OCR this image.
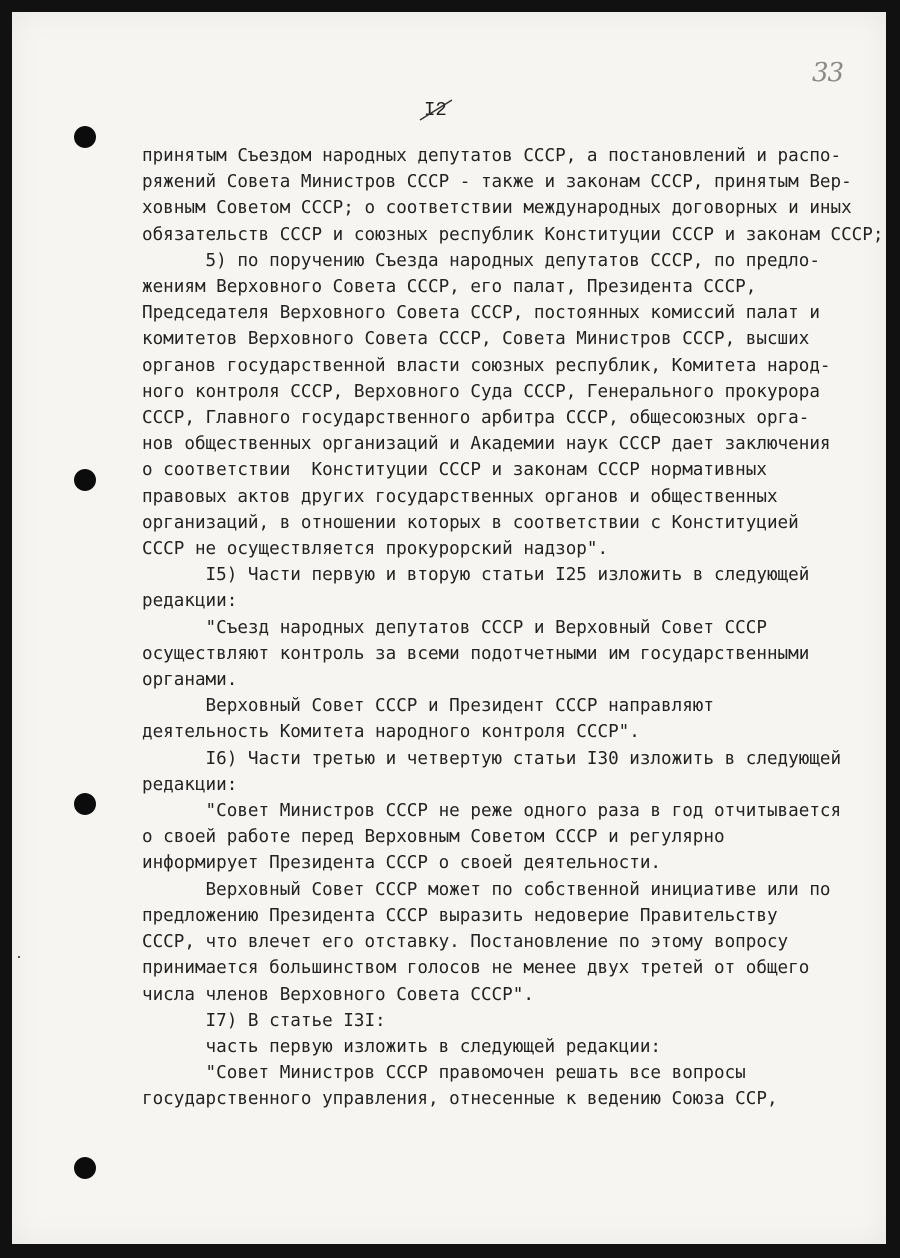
33
I2
принятым Съездом народных депутатов СССР, а постановлений и распо-
ряжений Совета Министров СССР - также и законам СССР, принятым Вер-
ховным Советом СССР; о соответствии международных договорных и иных
обязательств СССР и союзных республик Конституции СССР и законам СССР;
5) по поручению Съезда народных депутатов СССР, по предло-
жениям Верховного Совета СССР, его палат, Президента СССР,
Председателя Верховного Совета СССР, постоянных комиссий палат и
комитетов Верховного Совета СССР, Совета Министров СССР, высших
органов государственной власти союзных республик, Комитета народ-
ного контроля СССР, Верховного Суда СССР, Генерального прокурора
СССР, Главного государственного арбитра СССР, общесоюзных орга-
нов общественных организаций и Академии наук СССР дает заключения
о соответствии  Конституции СССР и законам СССР нормативных
правовых актов других государственных органов и общественных
организаций, в отношении которых в соответствии с Конституцией
СССР не осуществляется прокурорский надзор".
I5) Части первую и вторую статьи I25 изложить в следующей
редакции:
"Съезд народных депутатов СССР и Верховный Совет СССР
осуществляют контроль за всеми подотчетными им государственными
органами.
Верховный Совет СССР и Президент СССР направляют
деятельность Комитета народного контроля СССР".
I6) Части третью и четвертую статьи I30 изложить в следующей
редакции:
"Совет Министров СССР не реже одного раза в год отчитывается
о своей работе перед Верховным Советом СССР и регулярно
информирует Президента СССР о своей деятельности.
Верховный Совет СССР может по собственной инициативе или по
предложению Президента СССР выразить недоверие Правительству
СССР, что влечет его отставку. Постановление по этому вопросу
принимается большинством голосов не менее двух третей от общего
числа членов Верховного Совета СССР".
I7) В статье I3I:
часть первую изложить в следующей редакции:
"Совет Министров СССР правомочен решать все вопросы
государственного управления, отнесенные к ведению Союза ССР,
